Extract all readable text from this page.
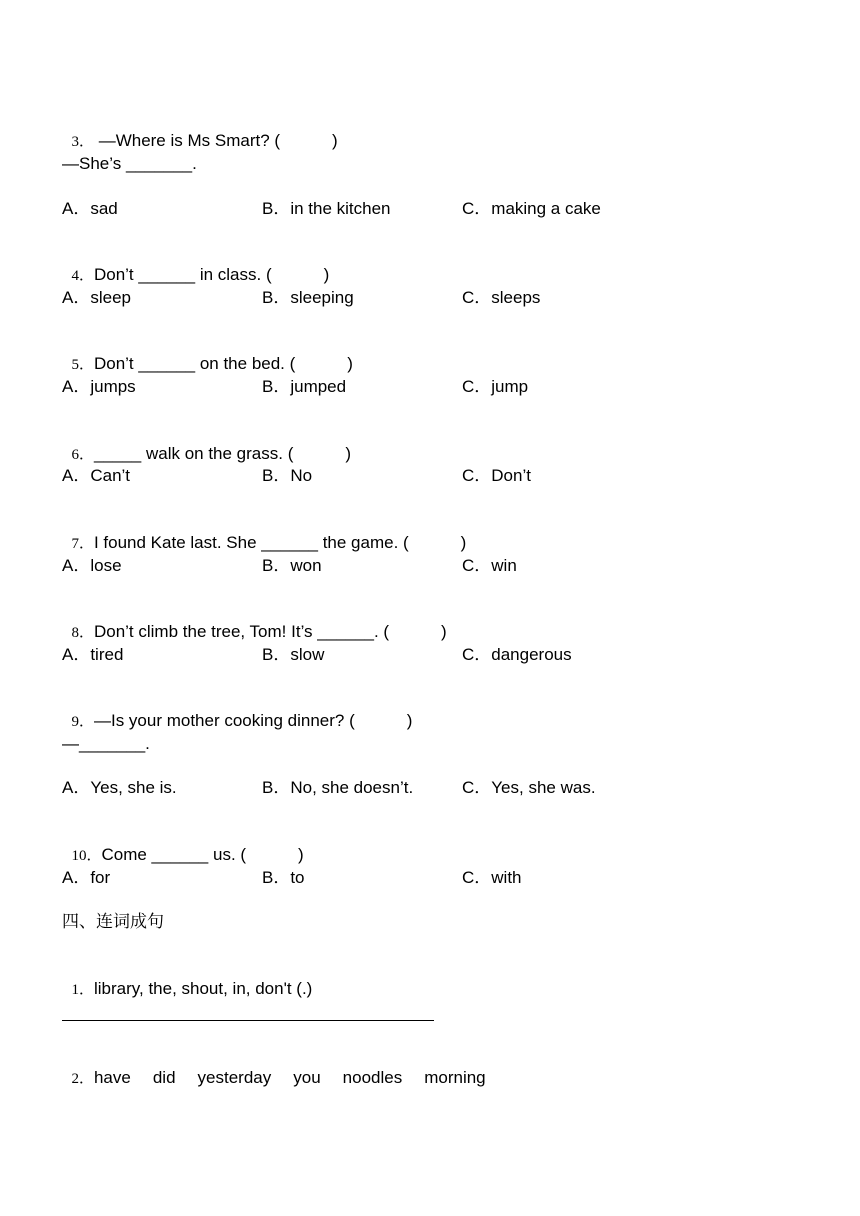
3． —Where is Ms Smart? (           )

—She’s _______.
A．sad	B．in the kitchen	C．making a cake

4．Don’t ______ in class. (           )

A．sleep	B．sleeping	C．sleeps

5．Don’t ______ on the bed. (           )

A．jumps	B．jumped	C．jump

6．_____ walk on the grass. (           )

A．Can’t	B．No	C．Don’t

7．I found Kate last. She ______ the game. (           )

A．lose	B．won	C．win

8．Don’t climb the tree, Tom! It’s ______. (           )

A．tired	B．slow	C．dangerous

9．—Is your mother cooking dinner? (           )

—_______.
A．Yes, she is.	B．No, she doesn’t.	C．Yes, she was.

10．Come ______ us. (           )

A．for	B．to	C．with
四、连词成句

1．library, the, shout, in, don't (.)

2．have did yesterday you noodles morning
